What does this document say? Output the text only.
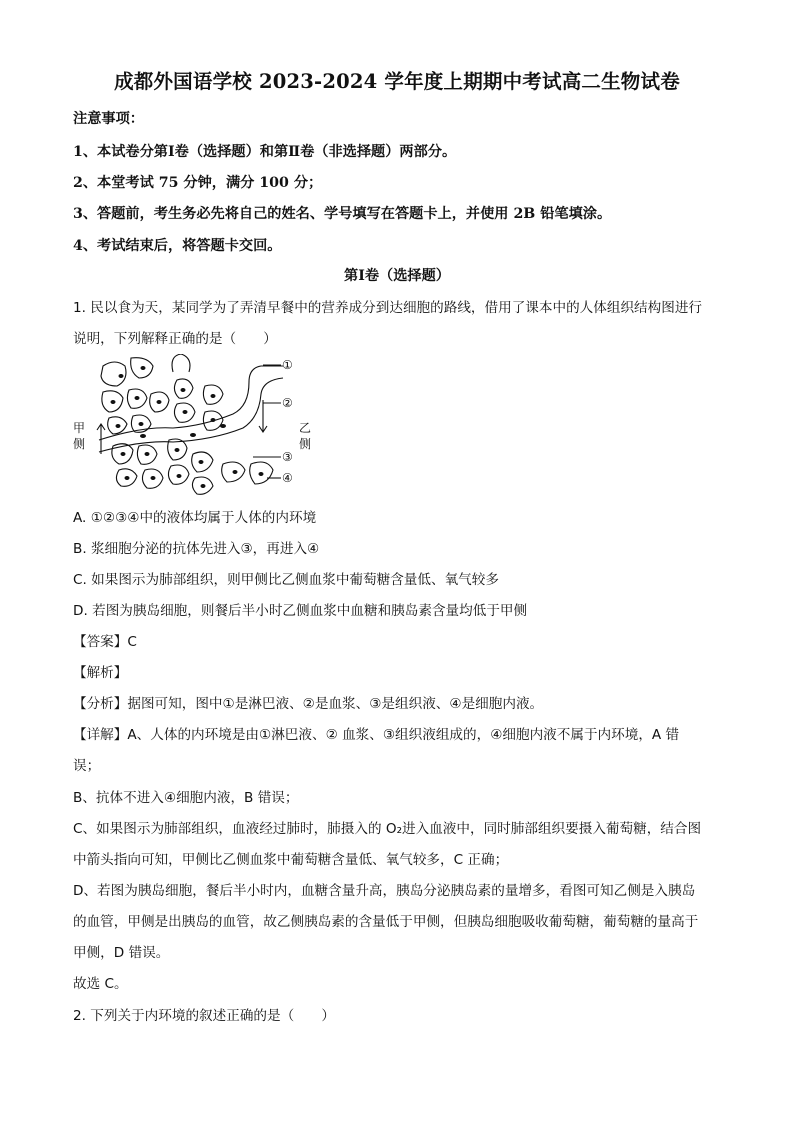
成都外国语学校 2023-2024 学年度上期期中考试高二生物试卷
注意事项：
1、本试卷分第Ⅰ卷（选择题）和第Ⅱ卷（非选择题）两部分。
2、本堂考试 75 分钟，满分 100 分；
3、答题前，考生务必先将自己的姓名、学号填写在答题卡上，并使用 2B 铅笔填涂。
4、考试结束后，将答题卡交回。
第Ⅰ卷（选择题）
1. 民以食为天，某同学为了弄清早餐中的营养成分到达细胞的路线，借用了课本中的人体组织结构图进行
说明，下列解释正确的是（　　）
甲
侧
乙
侧
①
②
③
④
A. ①②③④中的液体均属于人体的内环境
B. 浆细胞分泌的抗体先进入③，再进入④
C. 如果图示为肺部组织，则甲侧比乙侧血浆中葡萄糖含量低、氧气较多
D. 若图为胰岛细胞，则餐后半小时乙侧血浆中血糖和胰岛素含量均低于甲侧
【答案】C
【解析】
【分析】据图可知，图中①是淋巴液、②是血浆、③是组织液、④是细胞内液。
【详解】A、人体的内环境是由①淋巴液、② 血浆、③组织液组成的，④细胞内液不属于内环境，A 错
误；
B、抗体不进入④细胞内液，B 错误；
C、如果图示为肺部组织，血液经过肺时，肺摄入的 O₂进入血液中，同时肺部组织要摄入葡萄糖，结合图
中箭头指向可知，甲侧比乙侧血浆中葡萄糖含量低、氧气较多，C 正确；
D、若图为胰岛细胞，餐后半小时内，血糖含量升高，胰岛分泌胰岛素的量增多，看图可知乙侧是入胰岛
的血管，甲侧是出胰岛的血管，故乙侧胰岛素的含量低于甲侧，但胰岛细胞吸收葡萄糖，葡萄糖的量高于
甲侧，D 错误。
故选 C。
2. 下列关于内环境的叙述正确的是（　　）
